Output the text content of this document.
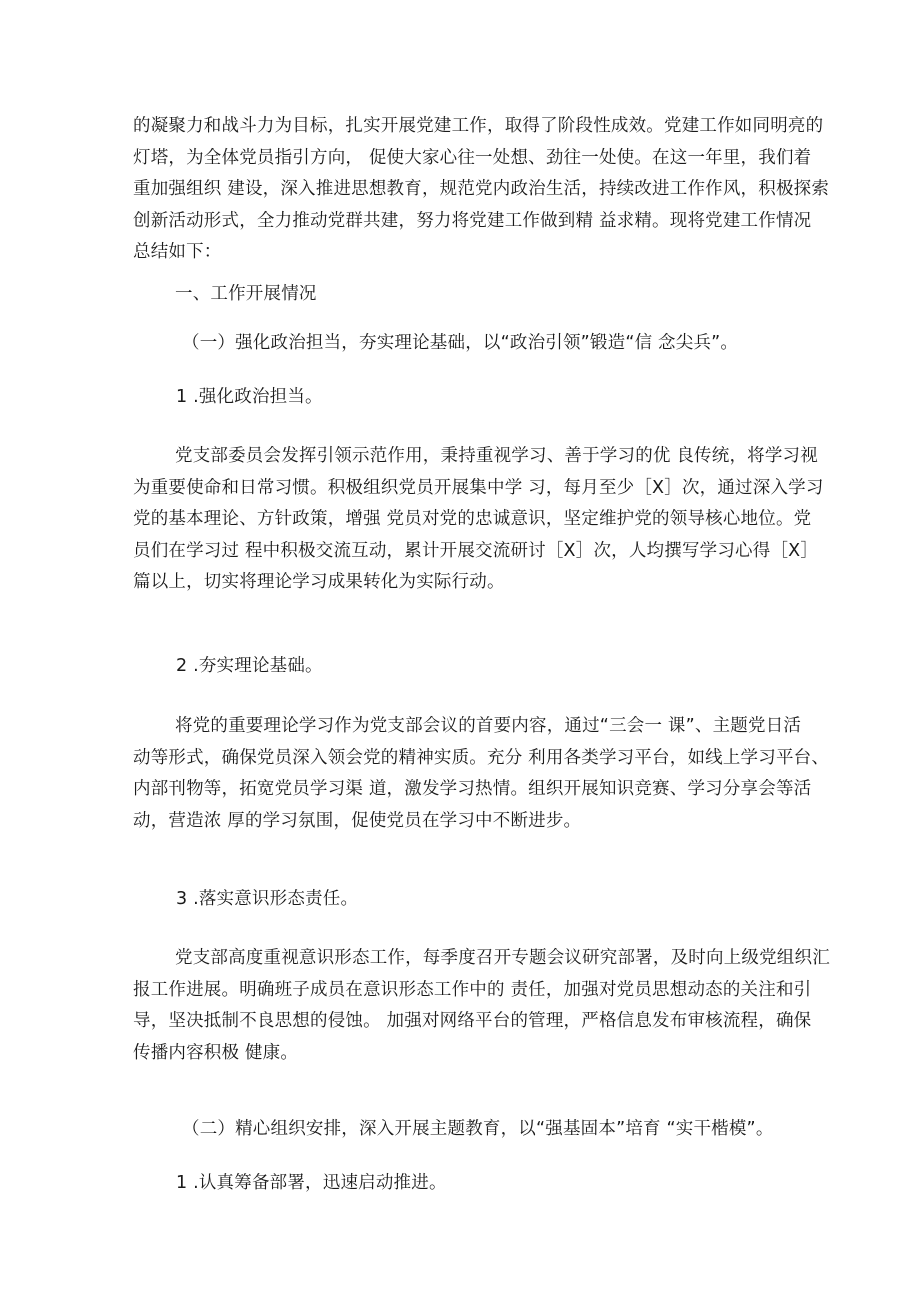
的凝聚力和战斗力为目标，扎实开展党建工作，取得了阶段性成效。党建工作如同明亮的
灯塔，为全体党员指引方向， 促使大家心往一处想、劲往一处使。在这一年里，我们着
重加强组织 建设，深入推进思想教育，规范党内政治生活，持续改进工作作风，积极探索
创新活动形式，全力推动党群共建，努力将党建工作做到精 益求精。现将党建工作情况
总结如下：

一、工作开展情况

（一）强化政治担当，夯实理论基础，以“政治引领”锻造“信 念尖兵”。

1 .强化政治担当。

党支部委员会发挥引领示范作用，秉持重视学习、善于学习的优 良传统，将学习视
为重要使命和日常习惯。积极组织党员开展集中学 习，每月至少［X］次，通过深入学习
党的基本理论、方针政策，增强 党员对党的忠诚意识，坚定维护党的领导核心地位。党
员们在学习过 程中积极交流互动，累计开展交流研讨［X］次，人均撰写学习心得［X］
篇以上，切实将理论学习成果转化为实际行动。

2 .夯实理论基础。

将党的重要理论学习作为党支部会议的首要内容，通过“三会一 课”、主题党日活
动等形式，确保党员深入领会党的精神实质。充分 利用各类学习平台，如线上学习平台、
内部刊物等，拓宽党员学习渠 道，激发学习热情。组织开展知识竞赛、学习分享会等活
动，营造浓 厚的学习氛围，促使党员在学习中不断进步。

3 .落实意识形态责任。

党支部高度重视意识形态工作，每季度召开专题会议研究部署，及时向上级党组织汇
报工作进展。明确班子成员在意识形态工作中的 责任，加强对党员思想动态的关注和引
导，坚决抵制不良思想的侵蚀。 加强对网络平台的管理，严格信息发布审核流程，确保
传播内容积极 健康。

（二）精心组织安排，深入开展主题教育，以“强基固本”培育 “实干楷模”。

1 .认真筹备部署，迅速启动推进。
